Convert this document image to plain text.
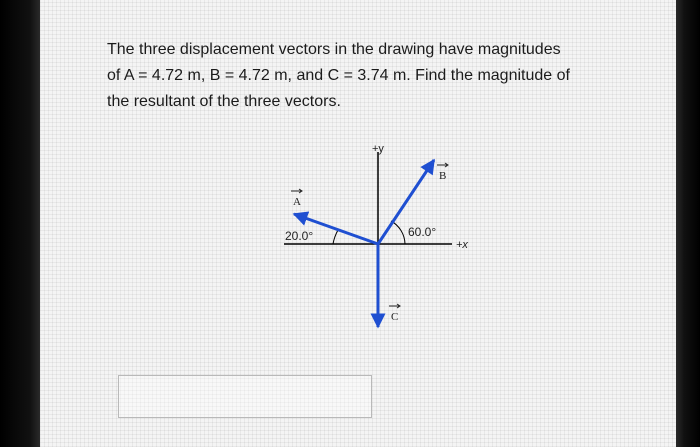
The three displacement vectors in the drawing have magnitudes
of A = 4.72 m, B = 4.72 m, and C = 3.74 m. Find the magnitude of
the resultant of the three vectors.
+y
+x
A
B
C
20.0°	60.0°
